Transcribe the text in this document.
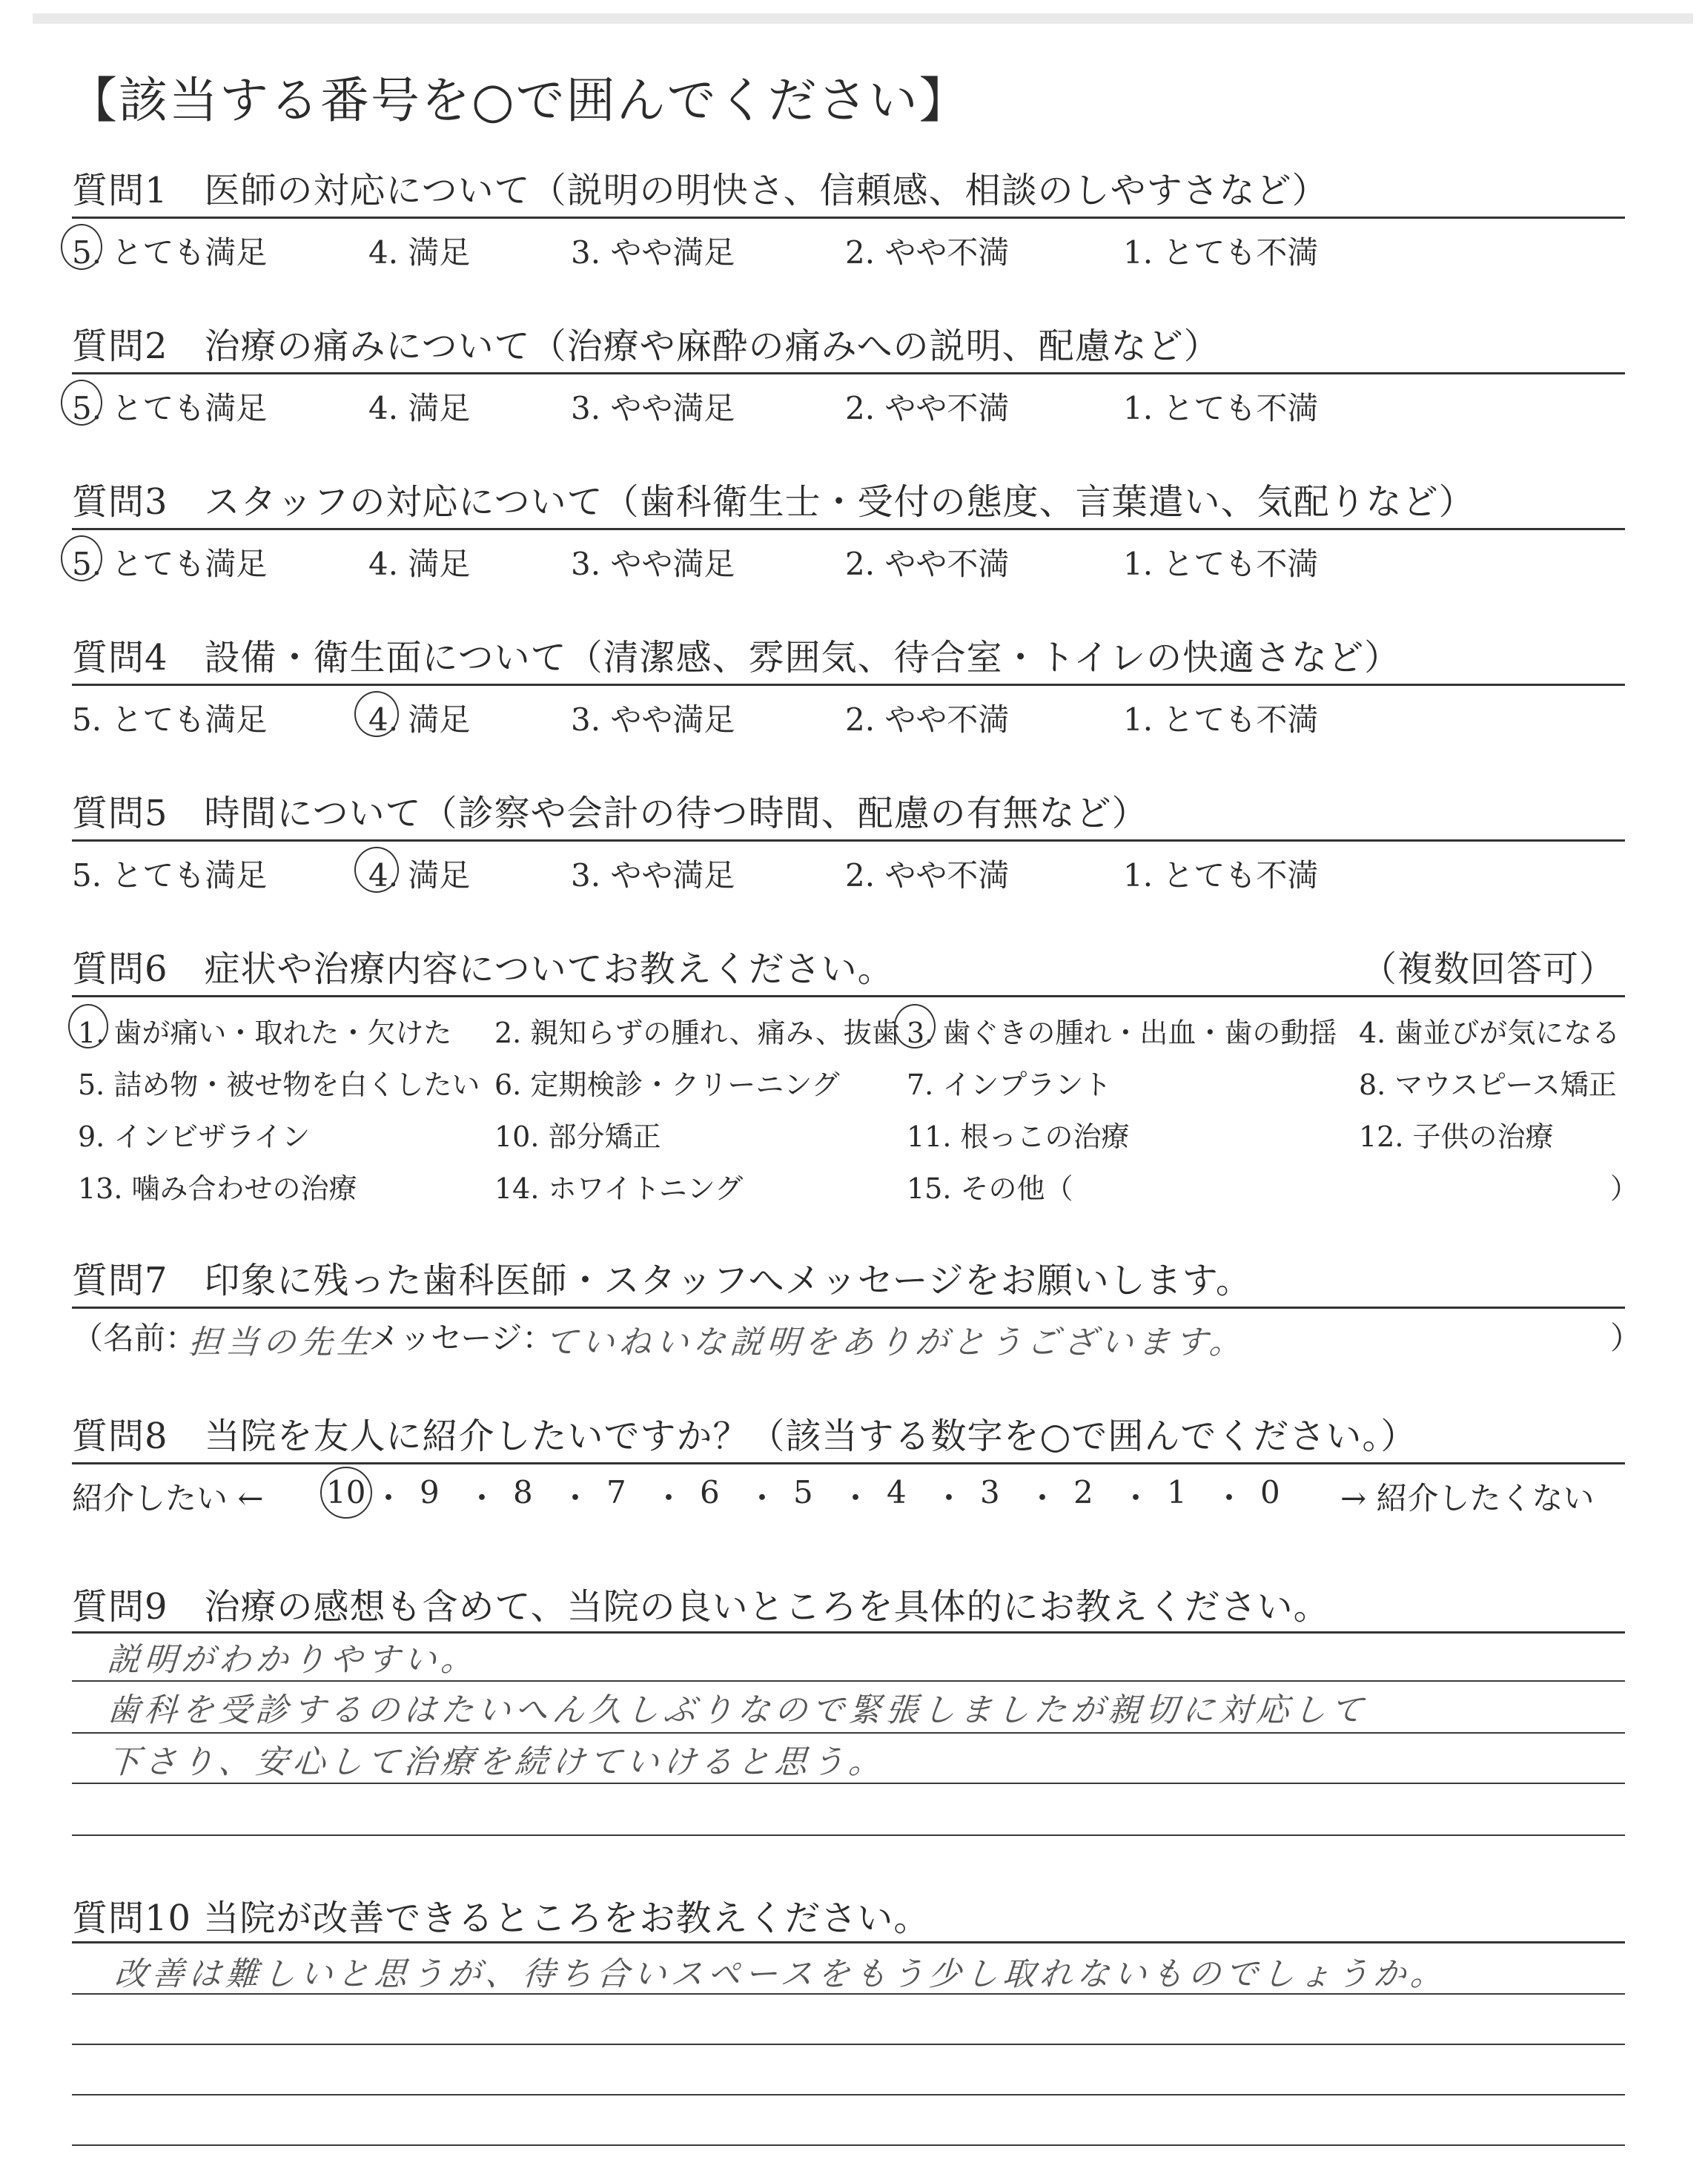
【該当する番号を○で囲んでください】
質問1　医師の対応について（説明の明快さ、信頼感、相談のしやすさなど）
5. とても満足	4. 満足	3. やや満足	2. やや不満	1. とても不満
質問2　治療の痛みについて（治療や麻酔の痛みへの説明、配慮など）
5. とても満足	4. 満足	3. やや満足	2. やや不満	1. とても不満
質問3　スタッフの対応について（歯科衛生士・受付の態度、言葉遣い、気配りなど）
5. とても満足	4. 満足	3. やや満足	2. やや不満	1. とても不満
質問4　設備・衛生面について（清潔感、雰囲気、待合室・トイレの快適さなど）
5. とても満足	4. 満足	3. やや満足	2. やや不満	1. とても不満
質問5　時間について（診察や会計の待つ時間、配慮の有無など）
5. とても満足	4. 満足	3. やや満足	2. やや不満	1. とても不満
質問6　症状や治療内容についてお教えください。	（複数回答可）
1. 歯が痛い・取れた・欠けた 2. 親知らずの腫れ、痛み、抜歯 3. 歯ぐきの腫れ・出血・歯の動揺 4. 歯並びが気になる
5. 詰め物・被せ物を白くしたい 6. 定期検診・クリーニング 7. インプラント	8. マウスピース矯正
9. インビザライン	10. 部分矯正	11. 根っこの治療	12. 子供の治療
13. 噛み合わせの治療	14. ホワイトニング	15. その他（	）
質問7　印象に残った歯科医師・スタッフへメッセージをお願いします。
（名前：
担当の先生
メッセージ：
ていねいな説明をありがとうございます。	）
質問8　当院を友人に紹介したいですか？（該当する数字を○で囲んでください。）
紹介したい ← 10 ・ 9 ・ 8 ・ 7 ・ 6 ・ 5 ・ 4 ・ 3 ・ 2 ・ 1 ・ 0 → 紹介したくない
質問9　治療の感想も含めて、当院の良いところを具体的にお教えください。
説明がわかりやすい。
歯科を受診するのはたいへん久しぶりなので緊張しましたが親切に対応して
下さり、安心して治療を続けていけると思う。
質問10 当院が改善できるところをお教えください。
改善は難しいと思うが、待ち合いスペースをもう少し取れないものでしょうか。
